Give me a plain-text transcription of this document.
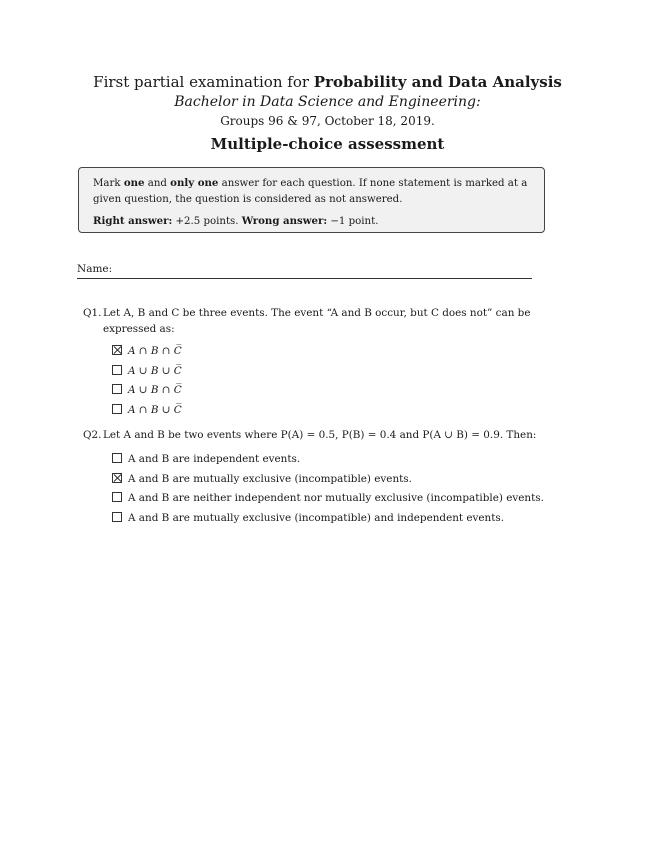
First partial examination for Probability and Data Analysis
Bachelor in Data Science and Engineering:
Groups 96 & 97, October 18, 2019.
Multiple-choice assessment

Mark one and only one answer for each question. If none statement is marked at a given question, the question is considered as not answered.

Right answer: +2.5 points. Wrong answer: −1 point.

Name:
Q1. Let A, B and C be three events. The event “A and B occur, but C does not” can be expressed as:
A ∩ B ∩ C̅
A ∪ B ∪ C̅
A ∪ B ∩ C̅
A ∩ B ∪ C̅
Q2. Let A and B be two events where P(A) = 0.5, P(B) = 0.4 and P(A ∪ B) = 0.9. Then:
A and B are independent events.
A and B are mutually exclusive (incompatible) events.
A and B are neither independent nor mutually exclusive (incompatible) events.
A and B are mutually exclusive (incompatible) and independent events.
